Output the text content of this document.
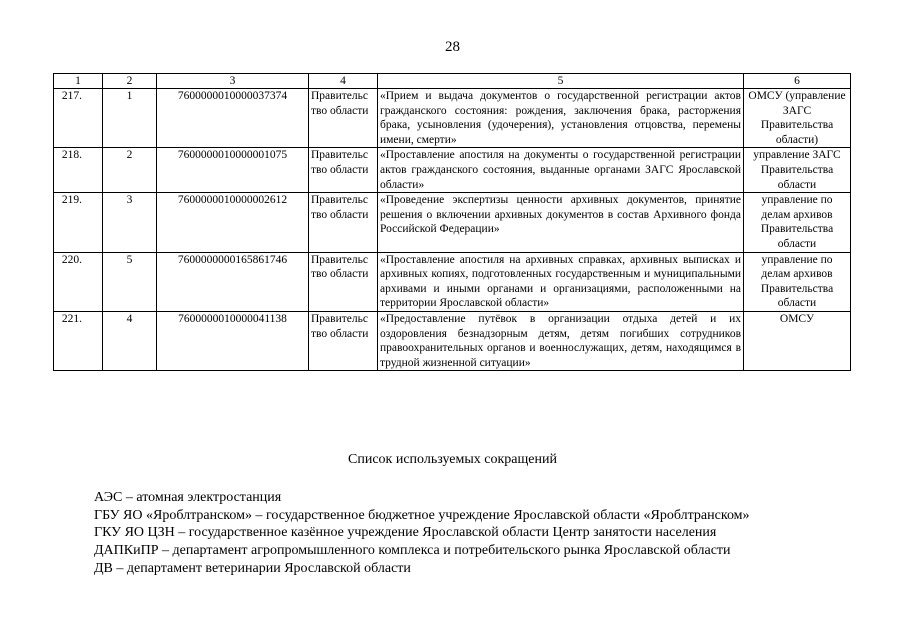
28
1	2	3	4	5	6
217.	1	7600000010000037374	Правительс тво области	«Прием и выдача документов о государственной регистрации актов гражданского состояния: рождения, заключения брака, расторжения брака, усыновления (удочерения), установления отцовства, перемены имени, смерти»	ОМСУ (управление ЗАГС Правительства области)
218.	2	7600000010000001075	Правительс тво области	«Проставление апостиля на документы о государственной регистрации актов гражданского состояния, выданные органами ЗАГС Ярославской области»	управление ЗАГС Правительства области
219.	3	7600000010000002612	Правительс тво области	«Проведение экспертизы ценности архивных документов, принятие решения о включении архивных документов в состав Архивного фонда Российской Федерации»	управление по делам архивов Правительства области
220.	5	7600000000165861746	Правительс тво области	«Проставление апостиля на архивных справках, архивных выписках и архивных копиях, подготовленных государственным и муниципальными архивами и иными органами и организациями, расположенными на территории Ярославской области»	управление по делам архивов Правительства области
221.	4	7600000010000041138	Правительс тво области	«Предоставление путёвок в организации отдыха детей и их оздоровления безнадзорным детям, детям погибших сотрудников правоохранительных органов и военнослужащих, детям, находящимся в трудной жизненной ситуации»	ОМСУ
Список используемых сокращений
АЭС – атомная электростанция
ГБУ ЯО «Яроблтранском» – государственное бюджетное учреждение Ярославской области «Яроблтранском»
ГКУ ЯО ЦЗН – государственное казённое учреждение Ярославской области Центр занятости населения
ДАПКиПР – департамент агропромышленного комплекса и потребительского рынка Ярославской области
ДВ – департамент ветеринарии Ярославской области
